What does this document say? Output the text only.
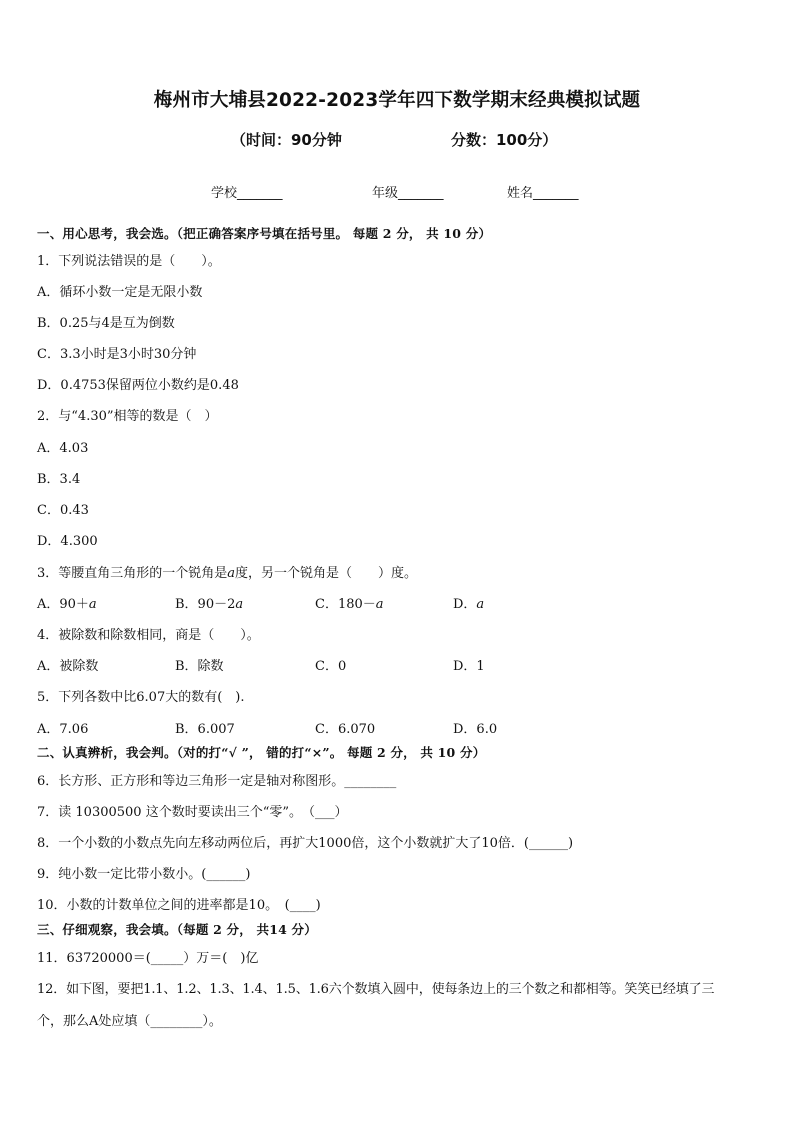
梅州市大埔县2022-2023学年四下数学期末经典模拟试题
（时间：90分钟	分数：100分）
学校_______	年级_______	姓名_______
一、用心思考，我会选。（把正确答案序号填在括号里。 每题 2 分， 共 10 分）
1．下列说法错误的是（　　）。
A．循环小数一定是无限小数
B．0.25与4是互为倒数
C．3.3小时是3小时30分钟
D．0.4753保留两位小数约是0.48
2．与“4.30”相等的数是（　）
A．4.03
B．3.4
C．0.43
D．4.300
3．等腰直角三角形的一个锐角是𝑎度，另一个锐角是（　　）度。
A．90＋𝑎	B．90－2𝑎	C．180－𝑎	D．𝑎
4．被除数和除数相同，商是（　　）。
A．被除数	B．除数	C．0	D．1
5．下列各数中比6.07大的数有(　).
A．7.06	B．6.007	C．6.070	D．6.0
二、认真辨析，我会判。（对的打“√ ”， 错的打“×”。 每题 2 分， 共 10 分）
6．长方形、正方形和等边三角形一定是轴对称图形。________
7．读 10300500 这个数时要读出三个“零”。　（___）
8．一个小数的小数点先向左移动两位后，再扩大1000倍，这个小数就扩大了10倍．(______)
9．纯小数一定比带小数小。(______)
10．小数的计数单位之间的进率都是10。　(____)
三、仔细观察，我会填。（每题 2 分， 共14 分）
11．63720000＝(_____）万＝(　)亿
12．如下图，要把1.1、1.2、1.3、1.4、1.5、1.6六个数填入圆中，使每条边上的三个数之和都相等。笑笑已经填了三
个，那么A处应填（________）。
